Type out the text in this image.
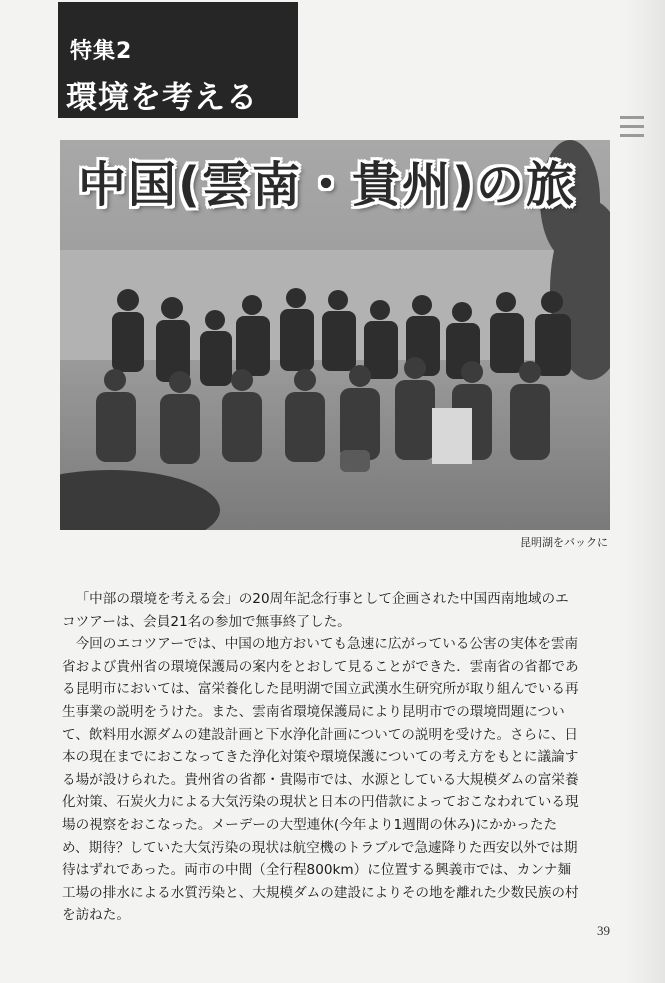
特集2
環境を考える
中国(雲南・貴州)の旅
昆明湖をバックに

「中部の環境を考える会」の20周年記念行事として企画された中国西南地域のエコツアーは、会員21名の参加で無事終了した。

今回のエコツアーでは、中国の地方おいても急速に広がっている公害の実体を雲南省および貴州省の環境保護局の案内をとおして見ることができた．雲南省の省都である昆明市においては、富栄養化した昆明湖で国立武漢水生研究所が取り組んでいる再生事業の説明をうけた。また、雲南省環境保護局により昆明市での環境問題について、飲料用水源ダムの建設計画と下水浄化計画についての説明を受けた。さらに、日本の現在までにおこなってきた浄化対策や環境保護についての考え方をもとに議論する場が設けられた。貴州省の省都・貴陽市では、水源としている大規模ダムの富栄養化対策、石炭火力による大気汚染の現状と日本の円借款によっておこなわれている現場の視察をおこなった。メーデーの大型連休(今年より1週間の休み)にかかったため、期待？していた大気汚染の現状は航空機のトラブルで急遽降りた西安以外では期待はずれであった。両市の中間（全行程800km）に位置する興義市では、カンナ麺工場の排水による水質汚染と、大規模ダムの建設によりその地を離れた少数民族の村を訪ねた。

39
